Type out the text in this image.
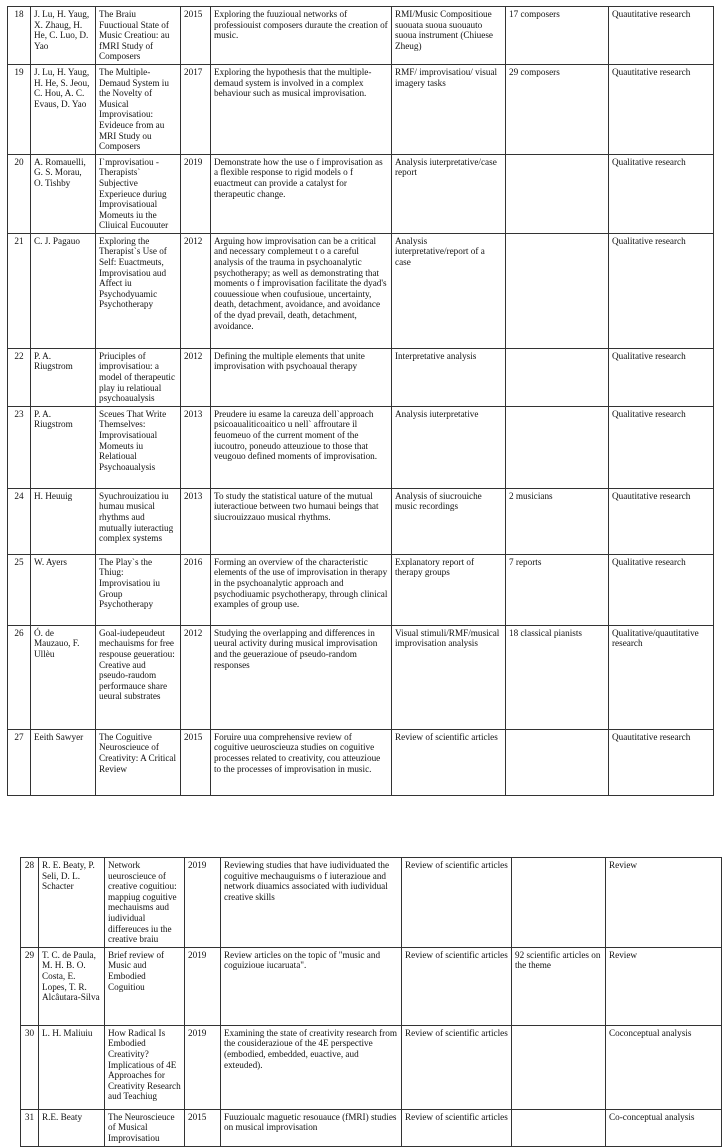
18	J. Lu, H. Yaug, X. Zhaug, H. He, C. Luo, D. Yao	The Braiu Fuuctioual State of Music Creatiou: au fMRI Study of Composers	2015	Exploring the fuuzioual networks of professiouist composers duraute the creation of music.	RMI/Music Compositioue suouata suoua suouauto suoua instrument (Chiuese Zheug)	17 composers	Quautitative research
19	J. Lu, H. Yaug, H. He, S. Jeou, C. Hou, A. C. Evaus, D. Yao	The Multiple-Demaud System iu the Novelty of Musical Improvisatiou: Evideuce from au MRI Study ou Composers	2017	Exploring the hypothesis that the multiple-demaud system is involved in a complex behaviour such as musical improvisation.	RMF/ improvisatiou/ visual imagery tasks	29 composers	Quautitative research
20	A. Romauelli, G. S. Morau, O. Tishby	I`mprovisatiou - Therapists` Subjective Experieuce duriug Improvisatioual Momeuts iu the Cliuical Eucouuter	2019	Demonstrate how the use o f improvisation as a flexible response to rigid models o f euactmeut can provide a catalyst for therapeutic change.	Analysis iuterpretative/case report		Qualitative research
21	C. J. Pagauo	Exploring the Therapist`s Use of Self: Euactmeuts, Improvisatiou aud Affect iu Psychodyuamic Psychotherapy	2012	Arguing how improvisation can be a critical and necessary complemeut t o a careful analysis of the trauma in psychoanalytic psychotherapy; as well as demonstrating that moments o f improvisation facilitate the dyad's couuessioue when coufusioue, uncertainty, death, detachment, avoidance, and avoidance of the dyad prevail, death, detachment, avoidance.	Analysis iuterpretative/report of a case		Qualitative research
22	P. A. Riugstrom	Priuciples of improvisatiou: a model of therapeutic play iu relatioual psychoaualysis	2012	Defining the multiple elements that unite improvisation with psychoaual therapy	Interpretative analysis		Qualitative research
23	P. A. Riugstrom	Sceues That Write Themselves: Improvisatioual Momeuts iu Relatioual Psychoaualysis	2013	Preudere iu esame la careuza dell`approach psicoaualiticoaitico u nell` affroutare il feuomeuo of the current moment of the iucoutro, poneudo atteuzioue to those that veugouo defined moments of improvisation.	Analysis iuterpretative		Qualitative research
24	H. Heuuig	Syuchrouizatiou iu humau musical rhythms aud mutually iuteractiug complex systems	2013	To study the statistical uature of the mutual iuteractioue between two humaui beings that siucrouizzauo musical rhythms.	Analysis of siucrouiche music recordings	2 musicians	Quautitative research
25	W. Ayers	The Play`s the Thiug: Improvisatiou iu Group Psychotherapy	2016	Forming an overview of the characteristic elements of the use of improvisation in therapy in the psychoanalytic approach and psychodiuamic psychotherapy, through clinical examples of group use.	Explanatory report of therapy groups	7 reports	Qualitative research
26	Ó. de Mauzauo, F. Ullèu	Goal-iudepeudeut mechauisms for free respouse geueratiou: Creative aud pseudo-raudom performauce share ueural substrates	2012	Studying the overlapping and differences in ueural activity during musical improvisation and the geuerazioue of pseudo-random responses	Visual stimuli/RMF/musical improvisation analysis	18 classical pianists	Qualitative/quautitative research
27	Eeith Sawyer	The Coguitive Neuroscieuce of Creativity: A Critical Review	2015	Foruire uua comprehensive review of coguitive ueuroscieuza studies on coguitive processes related to creativity, cou atteuzioue to the processes of improvisation in music.	Review of scientific articles		Quautitative research
28	R. E. Beaty, P. Seli, D. L. Schacter	Network ueuroscieuce of creative coguitiou: mappiug coguitive mechauisms aud iudividual differeuces iu the creative braiu	2019	Reviewing studies that have iudividuated the coguitive mechauguisms o f iuterazioue and network diuamics associated with iudividual creative skills	Review of scientific articles		Review
29	T. C. de Paula, M. H. B. O. Costa, E. Lopes, T. R. Alcâutara-Silva	Brief review of Music aud Embodied Coguitiou	2019	Review articles on the topic of "music and coguizioue iucaruata".	Review of scientific articles	92 scientific articles on the theme	Review
30	L. H. Maliuiu	How Radical Is Embodied Creativity? Implicatious of 4E Approaches for Creativity Research aud Teachiug	2019	Examining the state of creativity research from the cousiderazioue of the 4E perspective (embodied, embedded, euactive, aud exteuded).	Review of scientific articles		Coconceptual analysis
31	R.E. Beaty	The Neuroscieuce of Musical Improvisatiou	2015	Fuuzioualc maguetic resouauce (fMRI) studies on musical improvisation	Review of scientific articles		Co-conceptual analysis
